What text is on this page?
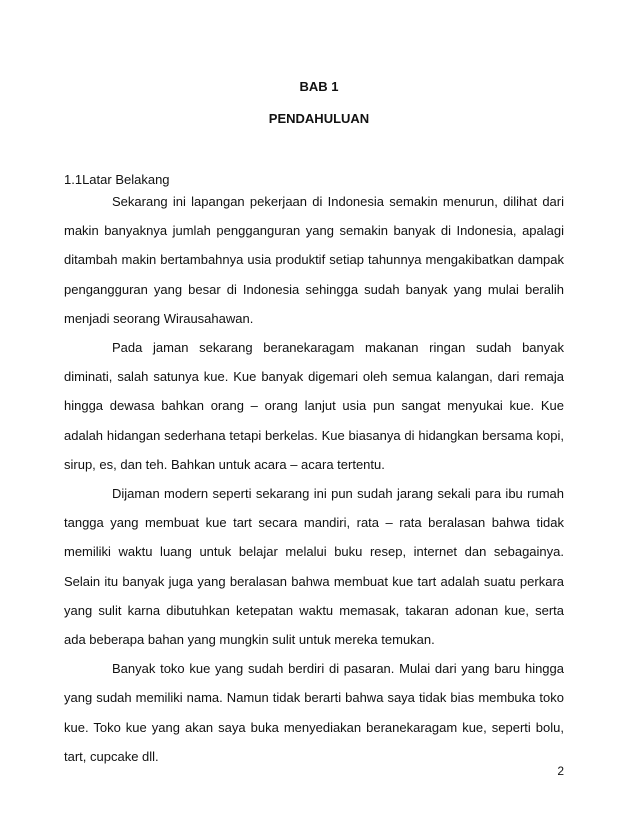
BAB 1
PENDAHULUAN
1.1Latar Belakang

Sekarang ini lapangan pekerjaan di Indonesia semakin menurun, dilihat dari makin banyaknya jumlah pengganguran yang semakin banyak di Indonesia, apalagi ditambah makin bertambahnya usia produktif setiap tahunnya mengakibatkan dampak pengangguran yang besar di Indonesia sehingga sudah banyak yang mulai beralih menjadi seorang Wirausahawan.

Pada jaman sekarang beranekaragam makanan ringan sudah banyak diminati, salah satunya kue. Kue banyak digemari oleh semua kalangan, dari remaja hingga dewasa bahkan orang – orang lanjut usia pun sangat menyukai kue. Kue adalah hidangan sederhana tetapi berkelas. Kue biasanya di hidangkan bersama kopi, sirup, es, dan teh. Bahkan untuk acara – acara tertentu.

Dijaman modern seperti sekarang ini pun sudah jarang sekali para ibu rumah tangga yang membuat kue tart secara mandiri, rata – rata beralasan bahwa tidak memiliki waktu luang untuk belajar melalui buku resep, internet dan sebagainya. Selain itu banyak juga yang beralasan bahwa membuat kue tart adalah suatu perkara yang sulit karna dibutuhkan ketepatan waktu memasak, takaran adonan kue, serta ada beberapa bahan yang mungkin sulit untuk mereka temukan.

Banyak toko kue yang sudah berdiri di pasaran. Mulai dari yang baru hingga yang sudah memiliki nama. Namun tidak berarti bahwa saya tidak bias membuka toko kue. Toko kue yang akan saya buka menyediakan beranekaragam kue, seperti bolu, tart, cupcake dll.

2
